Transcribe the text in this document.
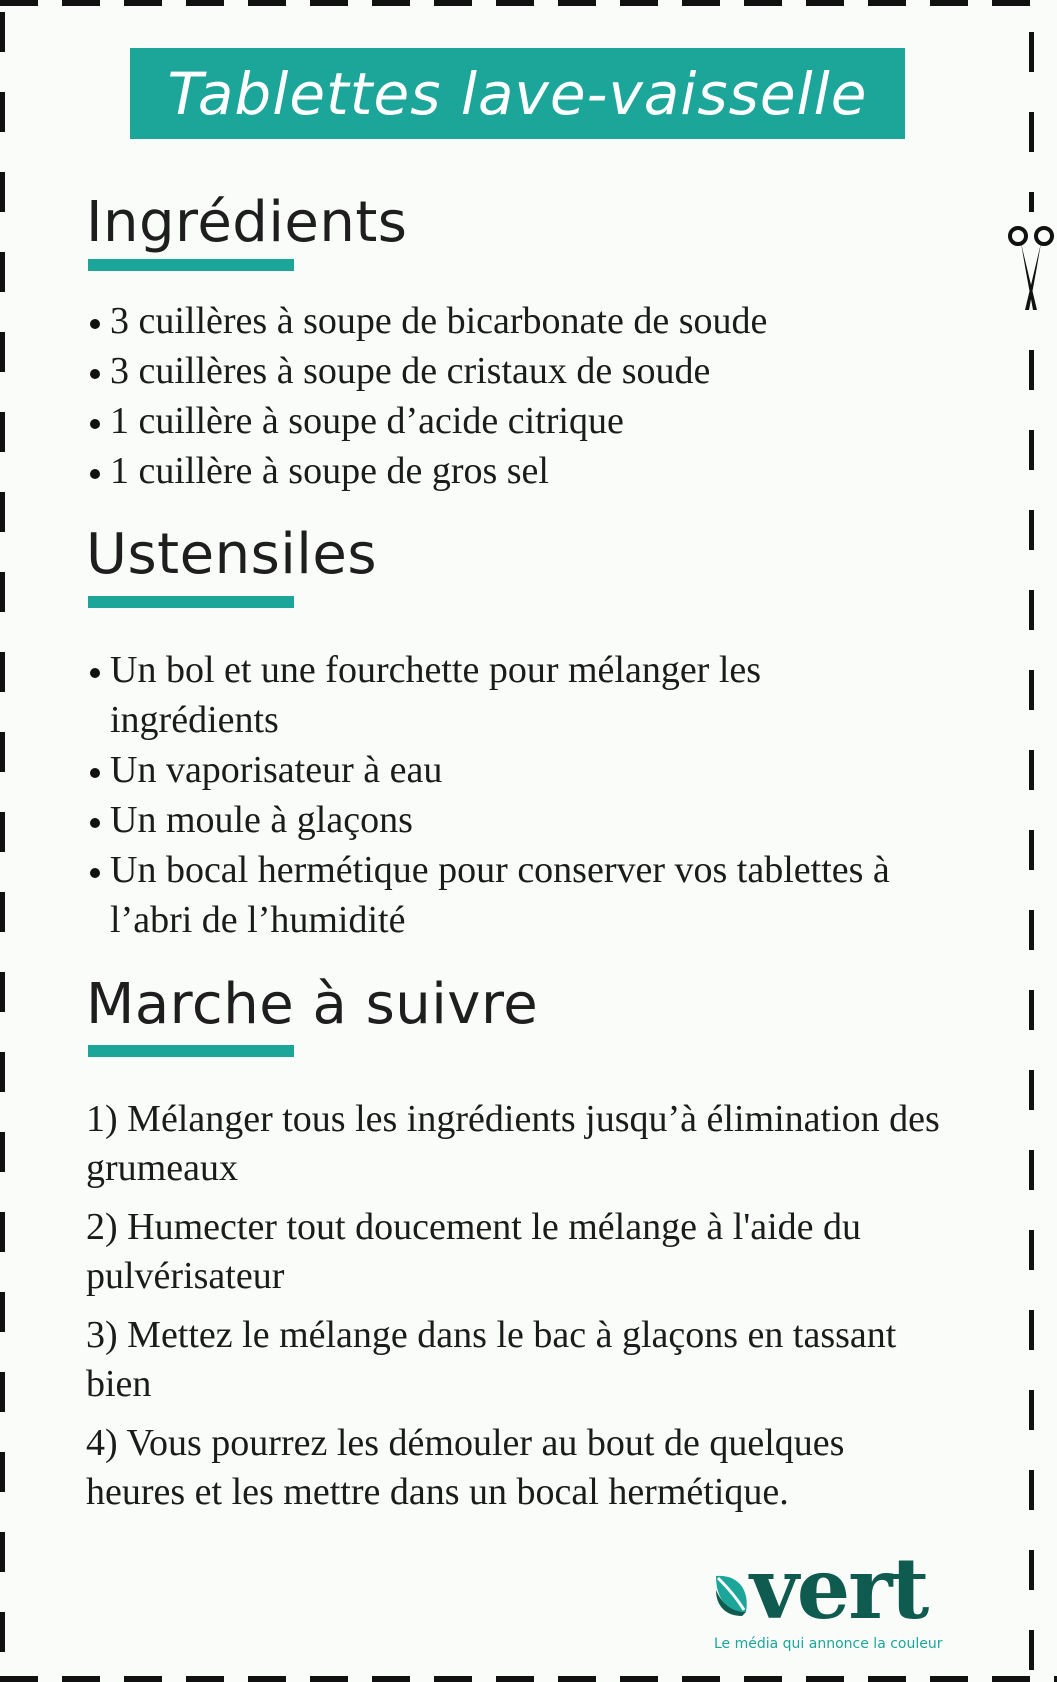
Tablettes lave-vaisselle
Ingrédients
3 cuillères à soupe de bicarbonate de soude
3 cuillères à soupe de cristaux de soude
1 cuillère à soupe d’acide citrique
1 cuillère à soupe de gros sel
Ustensiles
Un bol et une fourchette pour mélanger les ingrédients
Un vaporisateur à eau
Un moule à glaçons
Un bocal hermétique pour conserver vos tablettes à l’abri de l’humidité
Marche à suivre
1) Mélanger tous les ingrédients jusqu’à élimination des grumeaux
2) Humecter tout doucement le mélange à l'aide du pulvérisateur
3) Mettez le mélange dans le bac à glaçons en tassant bien
4) Vous pourrez les démouler au bout de quelques heures et les mettre dans un bocal hermétique.
vert
Le média qui annonce la couleur
